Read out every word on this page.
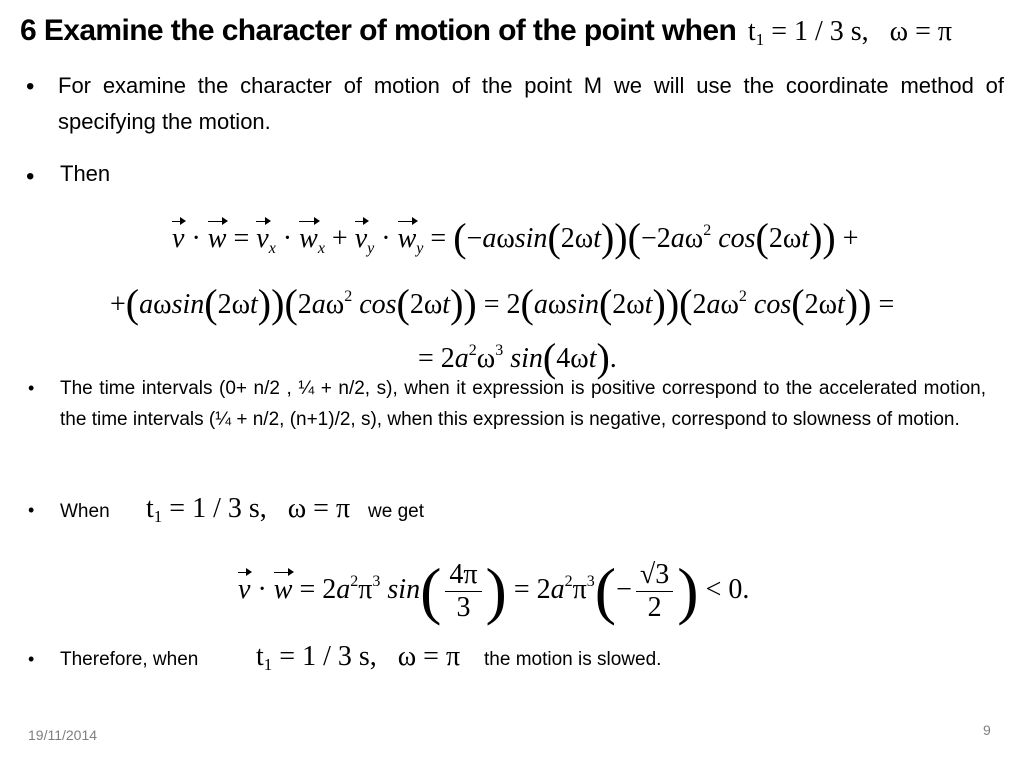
6 Examine the character of motion of the point when t1 = 1 / 3 s,   ω = π
• For examine the character of motion of the point M we will use the coordinate method of specifying the motion.
• Then
$v \cdot w = v_x \cdot w_x + v_y \cdot w_y = (-a\omega\sin(2\omega t))(-2a\omega^2$ cos(2ωt)) +
$+(a\omega\sin(2\omega t))(2a\omega^2$ $\cos(2\omega t)) = 2(a\omega\sin(2\omega t))(2a\omega^2$ cos(2ωt)) =
= $2a^2\omega^3$ sin(4ωt).
• The time intervals (0+ n/2 , ¼ + n/2, s), when it expression is positive correspond to the accelerated motion, the time intervals (¼ + n/2, (n+1)/2, s), when this expression is negative, correspond to slowness of motion.
• When t1 = 1 / 3 s,   ω = π we get
$v \cdot w = 2a^2\pi^3$ $\sin( \frac{4\pi}{3}$ ) = $2a^2\pi^3(- \frac{√3}{2}$ ) < 0.
• Therefore, when t1 = 1 / 3 s,   ω = π the motion is slowed.
19/11/2014	9
